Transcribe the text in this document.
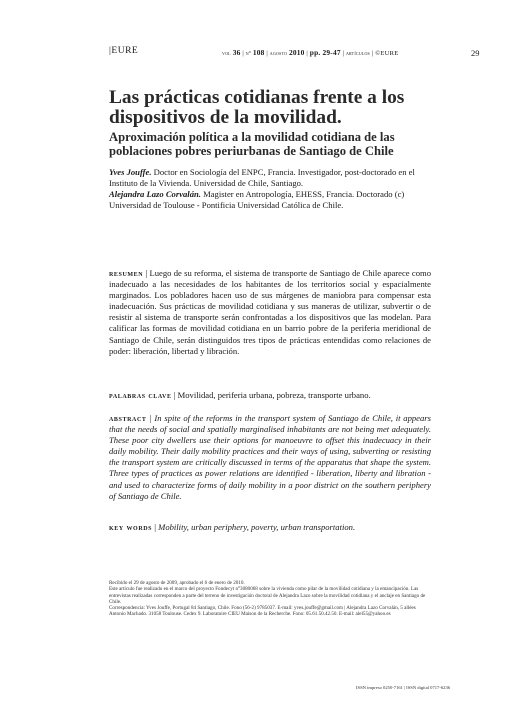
|EURE	vol 36 | nº 108 | agosto 2010 | pp. 29-47 | artículos | ©EURE	29
Las prácticas cotidianas frente a los dispositivos de la movilidad.
Aproximación política a la movilidad cotidiana de las poblaciones pobres periurbanas de Santiago de Chile
Yves Jouffe. Doctor en Sociología del ENPC, Francia. Investigador, post-doctorado en el Instituto de la Vivienda. Universidad de Chile, Santiago.
Alejandra Lazo Corvalán. Magister en Antropología, EHESS, Francia. Doctorado (c) Universidad de Toulouse - Pontificia Universidad Católica de Chile.
resumen | Luego de su reforma, el sistema de transporte de Santiago de Chile aparece como inadecuado a las necesidades de los habitantes de los territorios social y espacialmente marginados. Los pobladores hacen uso de sus márgenes de maniobra para compensar esta inadecuación. Sus prácticas de movilidad cotidiana y sus maneras de utilizar, subvertir o de resistir al sistema de transporte serán confrontadas a los dispositivos que las modelan. Para calificar las formas de movilidad cotidiana en un barrio pobre de la periferia meridional de Santiago de Chile, serán distinguidos tres tipos de prácticas entendidas como relaciones de poder: liberación, libertad y libración.
palabras clave | Movilidad, periferia urbana, pobreza, transporte urbano.
abstract | In spite of the reforms in the transport system of Santiago de Chile, it appears that the needs of social and spatially marginalised inhabitants are not being met adequately. These poor city dwellers use their options for manoeuvre to offset this inadecuacy in their daily mobility. Their daily mobility practices and their ways of using, subverting or resisting the transport system are critically discussed in terms of the apparatus that shape the system. Three types of practices as power relations are identified - liberation, liberty and libration - and used to characterize forms of daily mobility in a poor district on the southern periphery of Santiago de Chile.
key words | Mobility, urban periphery, poverty, urban transportation.

Recibido el 29 de agosto de 2009, aprobado el 6 de enero de 2010.

Este artículo fue realizado en el marco del proyecto Fondecyt n°3080068 sobre la vivienda como pilar de la movilidad cotidiana y la emancipación. Las entrevistas realizadas corresponden a parte del terreno de investigación doctoral de Alejandra Lazo sobre la movilidad cotidiana y el anclaje en Santiago de Chile.

Correspondencia: Yves Jouffe, Portugal 84 Santiago, Chile. Fono (56-2) 9785037. E-mail: yves.jouffe@gmail.com | Alejandra Lazo Corvalán, 5 allées Antonio Machado. 31058 Toulouse. Cedex 9. Laboratoire CIEU Maison de la Recherche. Fono: 05.61.50.42.50. E-mail: alel55@yahoo.es

ISSN impreso 0250-7161 | ISSN digital 0717-6236
